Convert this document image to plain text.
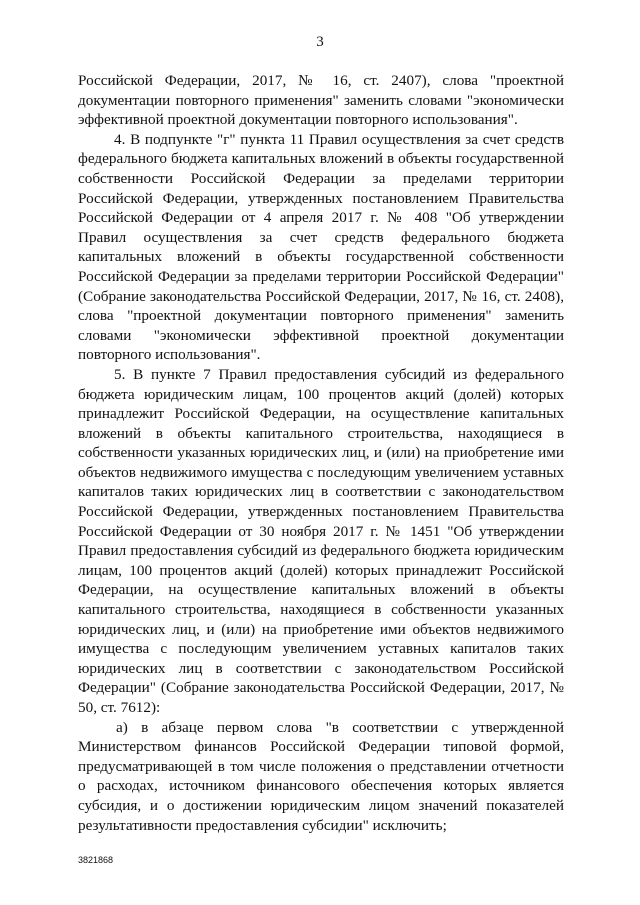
3

Российской Федерации, 2017, № 16, ст. 2407), слова "проектной документации повторного применения" заменить словами "экономически эффективной проектной документации повторного использования".

4. В подпункте "г" пункта 11 Правил осуществления за счет средств федерального бюджета капитальных вложений в объекты государственной собственности Российской Федерации за пределами территории Российской Федерации, утвержденных постановлением Правительства Российской Федерации от 4 апреля 2017 г. № 408 "Об утверждении Правил осуществления за счет средств федерального бюджета капитальных вложений в объекты государственной собственности Российской Федерации за пределами территории Российской Федерации" (Собрание законодательства Российской Федерации, 2017, № 16, ст. 2408), слова "проектной документации повторного применения" заменить словами "экономически эффективной проектной документации повторного использования".

5. В пункте 7 Правил предоставления субсидий из федерального бюджета юридическим лицам, 100 процентов акций (долей) которых принадлежит Российской Федерации, на осуществление капитальных вложений в объекты капитального строительства, находящиеся в собственности указанных юридических лиц, и (или) на приобретение ими объектов недвижимого имущества с последующим увеличением уставных капиталов таких юридических лиц в соответствии с законодательством Российской Федерации, утвержденных постановлением Правительства Российской Федерации от 30 ноября 2017 г. № 1451 "Об утверждении Правил предоставления субсидий из федерального бюджета юридическим лицам, 100 процентов акций (долей) которых принадлежит Российской Федерации, на осуществление капитальных вложений в объекты капитального строительства, находящиеся в собственности указанных юридических лиц, и (или) на приобретение ими объектов недвижимого имущества с последующим увеличением уставных капиталов таких юридических лиц в соответствии с законодательством Российской Федерации" (Собрание законодательства Российской Федерации, 2017, № 50, ст. 7612):

а) в абзаце первом слова "в соответствии с утвержденной Министерством финансов Российской Федерации типовой формой, предусматривающей в том числе положения о представлении отчетности о расходах, источником финансового обеспечения которых является субсидия, и о достижении юридическим лицом значений показателей результативности предоставления субсидии" исключить;

3821868
